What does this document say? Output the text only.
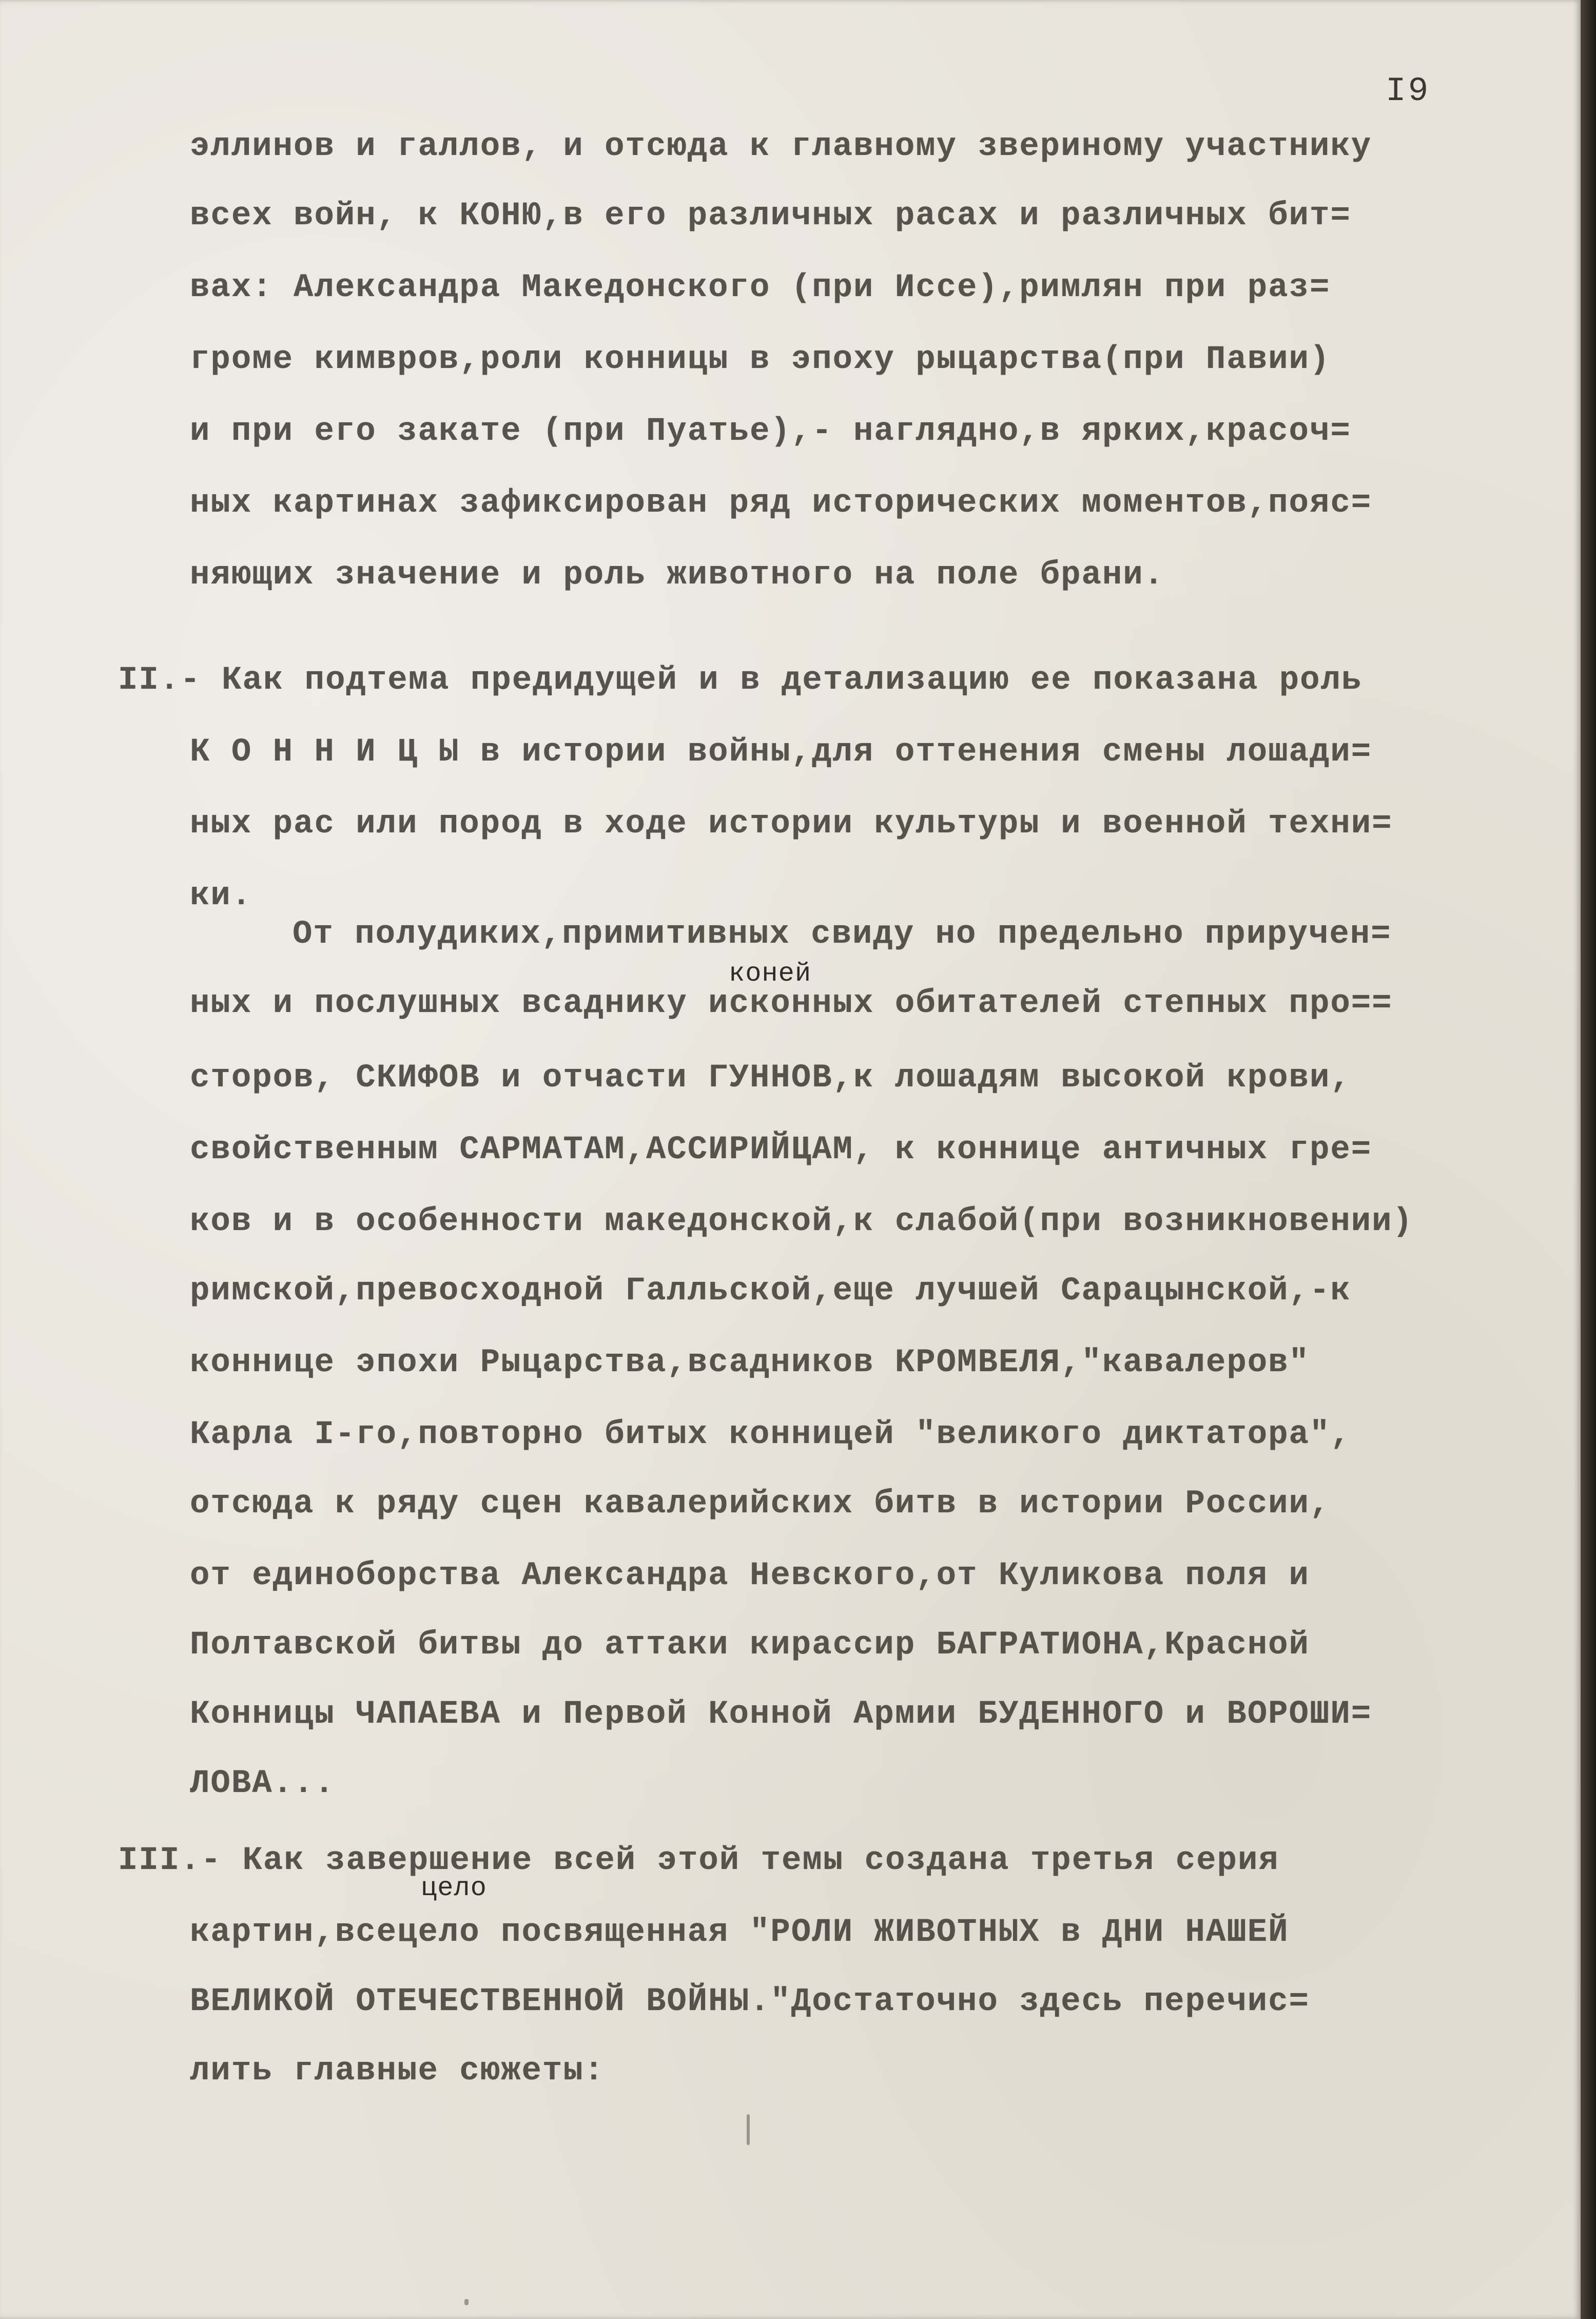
I9
эллинов и галлов, и отсюда к главному звериному участнику
всех войн, к КОНЮ,в его различных расах и различных бит=
вах: Александра Македонского (при Иссе),римлян при раз=
громе кимвров,роли конницы в эпоху рыцарства(при Павии)
и при его закате (при Пуатье),- наглядно,в ярких,красоч=
ных картинах зафиксирован ряд исторических моментов,пояс=
няющих значение и роль животного на поле брани.
II.- Как подтема предидущей и в детализацию ее показана роль
К О Н Н И Ц Ы в истории войны,для оттенения смены лошади=
ных рас или пород в ходе истории культуры и военной техни=
ки.
От полудиких,примитивных свиду но предельно приручен=
коней
ных и послушных всаднику исконных обитателей степных про==
сторов, СКИФОВ и отчасти ГУННОВ,к лошадям высокой крови,
свойственным САРМАТАМ,АССИРИЙЦАМ, к коннице античных гре=
ков и в особенности македонской,к слабой(при возникновении)
римской,превосходной Галльской,еще лучшей Сарацынской,-к
коннице эпохи Рыцарства,всадников КРОМВЕЛЯ,"кавалеров"
Карла I-го,повторно битых конницей "великого диктатора",
отсюда к ряду сцен кавалерийских битв в истории России,
от единоборства Александра Невского,от Куликова поля и
Полтавской битвы до аттаки кирассир БАГРАТИОНА,Красной
Конницы ЧАПАЕВА и Первой Конной Армии БУДЕННОГО и ВОРОШИ=
ЛОВА...
III.- Как завершение всей этой темы создана третья серия
цело
картин,всецело посвященная "РОЛИ ЖИВОТНЫХ в ДНИ НАШЕЙ
ВЕЛИКОЙ ОТЕЧЕСТВЕННОЙ ВОЙНЫ."Достаточно здесь перечис=
лить главные сюжеты:
